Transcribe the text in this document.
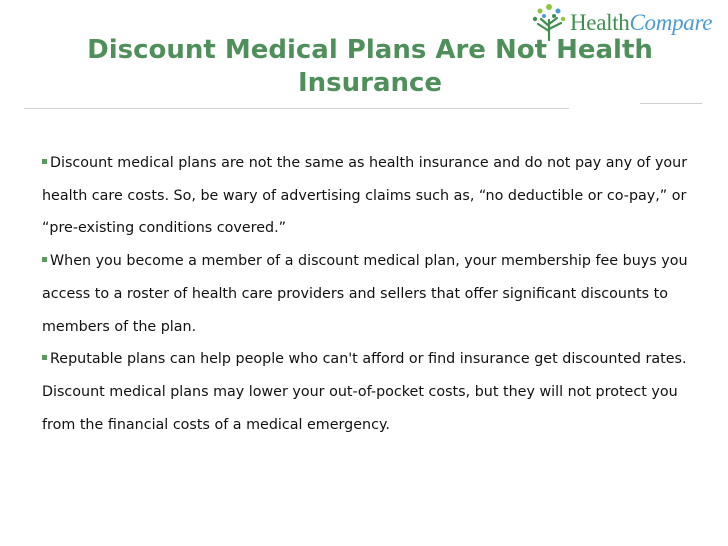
HealthCompare
Discount Medical Plans Are Not Health Insurance

Discount medical plans are not the same as health insurance and do not pay any of your health care costs. So, be wary of advertising claims such as, “no deductible or co-pay,” or “pre-existing conditions covered.”

When you become a member of a discount medical plan, your membership fee buys you access to a roster of health care providers and sellers that offer significant discounts to members of the plan.

Reputable plans can help people who can't afford or find insurance get discounted rates. Discount medical plans may lower your out-of-pocket costs, but they will not protect you from the financial costs of a medical emergency.
